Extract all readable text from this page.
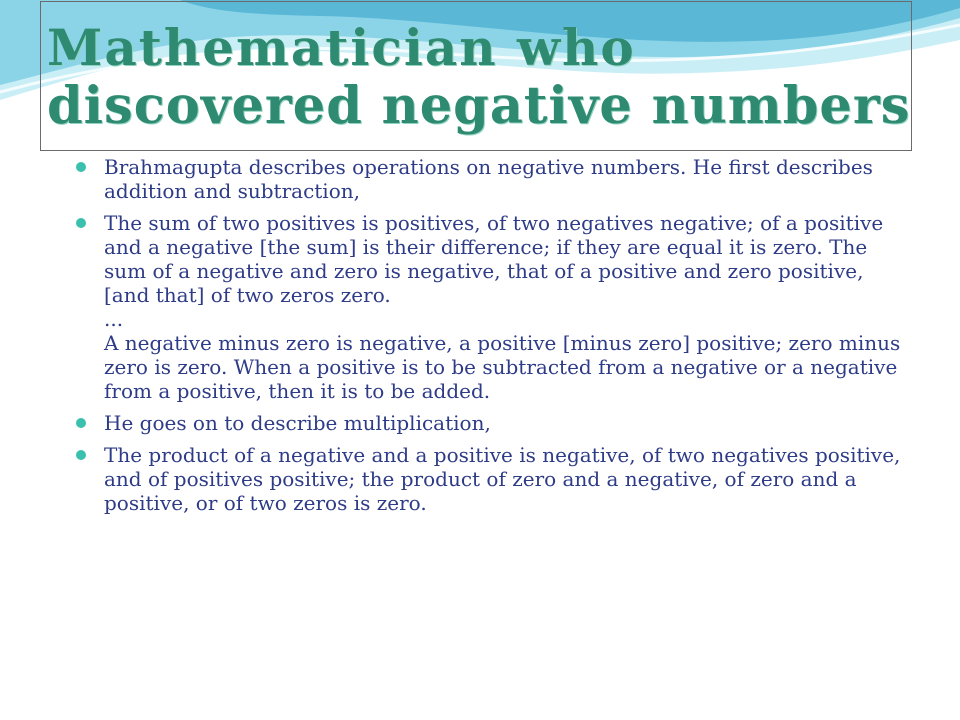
Mathematician who
discovered negative numbers

Brahmagupta describes operations on negative numbers. He first describes addition and subtraction,

The sum of two positives is positives, of two negatives negative; of a positive and a negative [the sum] is their difference; if they are equal it is zero. The sum of a negative and zero is negative, that of a positive and zero positive, [and that] of two zeros zero.

...

A negative minus zero is negative, a positive [minus zero] positive; zero minus zero is zero. When a positive is to be subtracted from a negative or a negative from a positive, then it is to be added.

He goes on to describe multiplication,

The product of a negative and a positive is negative, of two negatives positive, and of positives positive; the product of zero and a negative, of zero and a positive, or of two zeros is zero.
